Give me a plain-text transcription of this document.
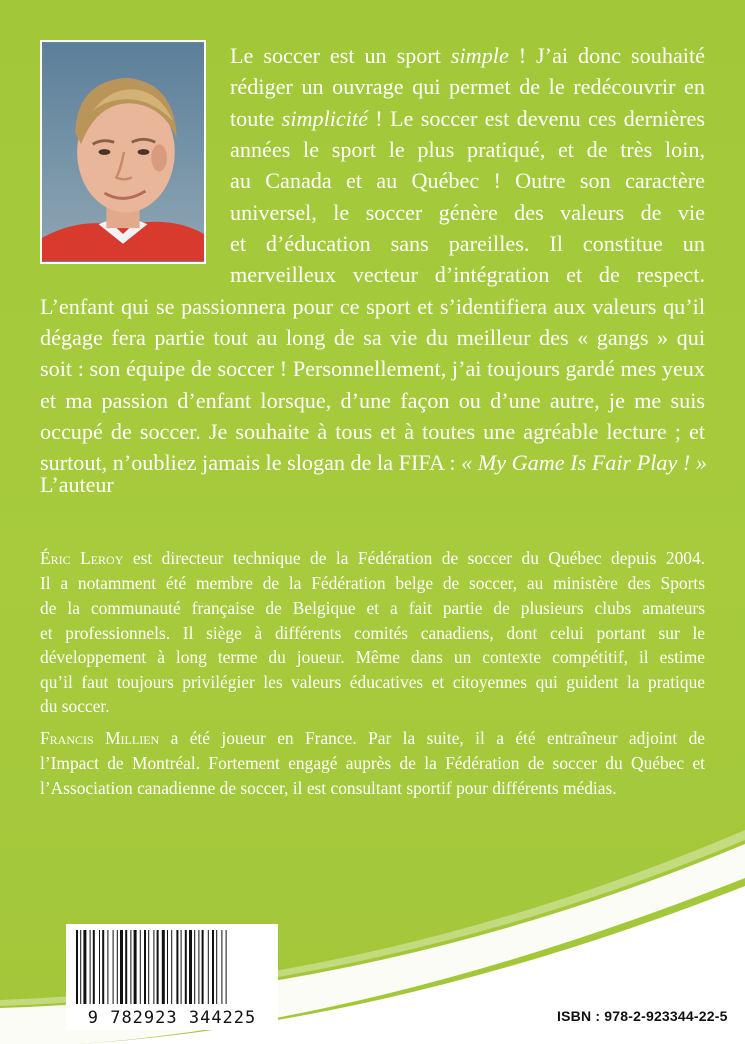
Le soccer est un sport simple ! J’ai donc souhaité

rédiger un ouvrage qui permet de le redécouvrir en

toute simplicité ! Le soccer est devenu ces dernières

années le sport le plus pratiqué, et de très loin,

au Canada et au Québec ! Outre son caractère

universel, le soccer génère des valeurs de vie

et d’éducation sans pareilles. Il constitue un

merveilleux vecteur d’intégration et de respect.

L’enfant qui se passionnera pour ce sport et s’identifiera aux valeurs qu’il

dégage fera partie tout au long de sa vie du meilleur des « gangs » qui

soit : son équipe de soccer ! Personnellement, j’ai toujours gardé mes yeux

et ma passion d’enfant lorsque, d’une façon ou d’une autre, je me suis

occupé de soccer. Je souhaite à tous et à toutes une agréable lecture ; et

surtout, n’oubliez jamais le slogan de la FIFA : « My Game Is Fair Play ! »

L’auteur

Éric Leroy est directeur technique de la Fédération de soccer du Québec depuis 2004.

Il a notamment été membre de la Fédération belge de soccer, au ministère des Sports

de la communauté française de Belgique et a fait partie de plusieurs clubs amateurs

et professionnels. Il siège à différents comités canadiens, dont celui portant sur le

développement à long terme du joueur. Même dans un contexte compétitif, il estime

qu’il faut toujours privilégier les valeurs éducatives et citoyennes qui guident la pratique

du soccer.

Francis Millien a été joueur en France. Par la suite, il a été entraîneur adjoint de

l’Impact de Montréal. Fortement engagé auprès de la Fédération de soccer du Québec et

l’Association canadienne de soccer, il est consultant sportif pour différents médias.

9 782923 344225	ISBN : 978-2-923344-22-5
